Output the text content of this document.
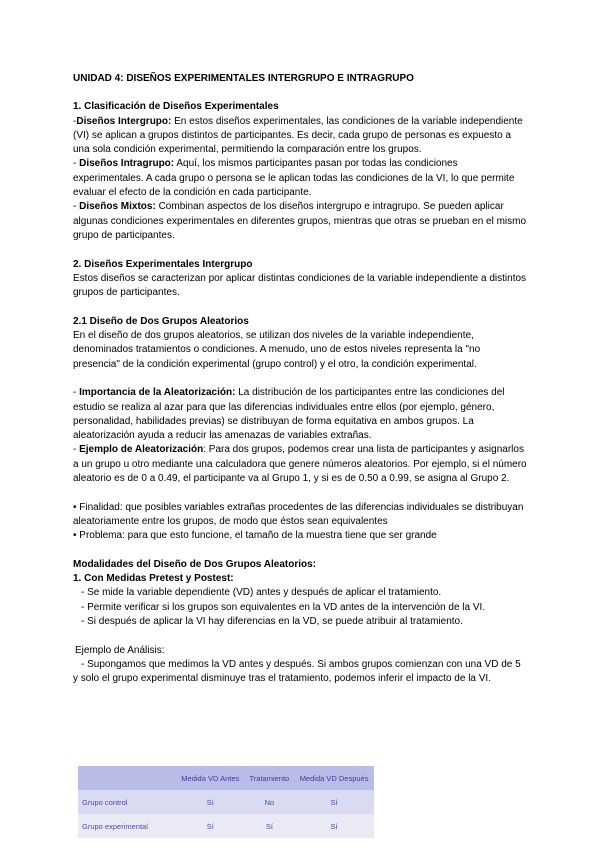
UNIDAD 4: DISEÑOS EXPERIMENTALES INTERGRUPO E INTRAGRUPO

1. Clasificación de Diseños Experimentales

-Diseños Intergrupo: En estos diseños experimentales, las condiciones de la variable independiente (VI) se aplican a grupos distintos de participantes. Es decir, cada grupo de personas es expuesto a una sola condición experimental, permitiendo la comparación entre los grupos.

- Diseños Intragrupo: Aquí, los mismos participantes pasan por todas las condiciones experimentales. A cada grupo o persona se le aplican todas las condiciones de la VI, lo que permite evaluar el efecto de la condición en cada participante.

- Diseños Mixtos: Combinan aspectos de los diseños intergrupo e intragrupo. Se pueden aplicar algunas condiciones experimentales en diferentes grupos, mientras que otras se prueban en el mismo grupo de participantes.

2. Diseños Experimentales Intergrupo

Estos diseños se caracterizan por aplicar distintas condiciones de la variable independiente a distintos grupos de participantes.

2.1 Diseño de Dos Grupos Aleatorios

En el diseño de dos grupos aleatorios, se utilizan dos niveles de la variable independiente, denominados tratamientos o condiciones. A menudo, uno de estos niveles representa la "no presencia" de la condición experimental (grupo control) y el otro, la condición experimental.

- Importancia de la Aleatorización: La distribución de los participantes entre las condiciones del estudio se realiza al azar para que las diferencias individuales entre ellos (por ejemplo, género, personalidad, habilidades previas) se distribuyan de forma equitativa en ambos grupos. La aleatorización ayuda a reducir las amenazas de variables extrañas.

- Ejemplo de Aleatorización: Para dos grupos, podemos crear una lista de participantes y asignarlos a un grupo u otro mediante una calculadora que genere números aleatorios. Por ejemplo, si el número aleatorio es de 0 a 0.49, el participante va al Grupo 1, y si es de 0.50 a 0.99, se asigna al Grupo 2.

• Finalidad: que posibles variables extrañas procedentes de las diferencias individuales se distribuyan aleatoriamente entre los grupos, de modo que éstos sean equivalentes

• Problema: para que esto funcione, el tamaño de la muestra tiene que ser grande

Modalidades del Diseño de Dos Grupos Aleatorios:

1. Con Medidas Pretest y Postest:

- Se mide la variable dependiente (VD) antes y después de aplicar el tratamiento.

- Permite verificar si los grupos son equivalentes en la VD antes de la intervención de la VI.

- Si después de aplicar la VI hay diferencias en la VD, se puede atribuir al tratamiento.

Ejemplo de Análisis:

- Supongamos que medimos la VD antes y después. Si ambos grupos comienzan con una VD de 5 y solo el grupo experimental disminuye tras el tratamiento, podemos inferir el impacto de la VI.

	Medida VD Antes	Tratamiento	Medida VD Después
Grupo control	Sí	No	Sí
Grupo experimental	Sí	Sí	Sí
